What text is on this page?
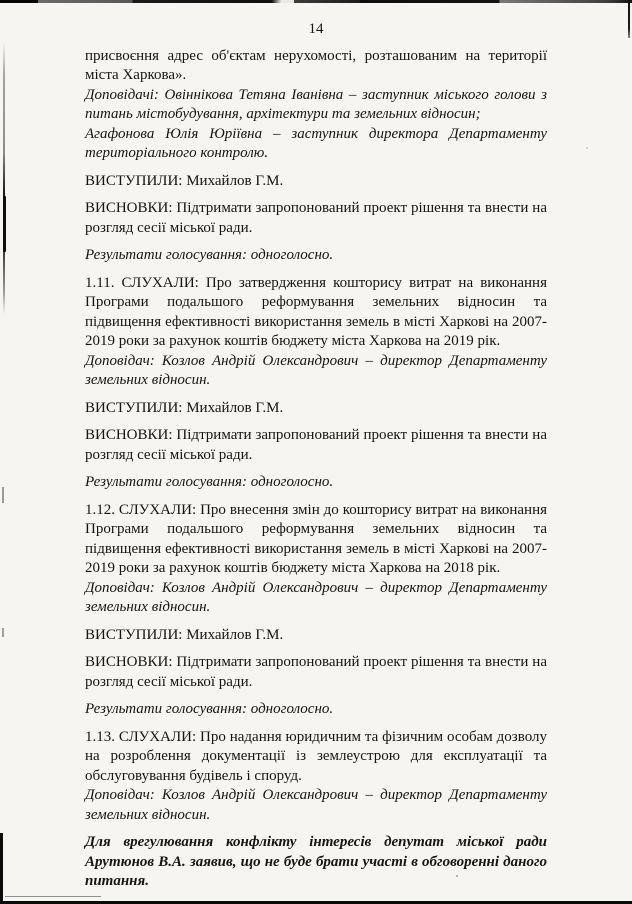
14

присвоєння адрес об'єктам нерухомості, розташованим на території міста Харкова».

Доповідачі: Овіннікова Тетяна Іванівна – заступник міського голови з питань містобудування, архітектури та земельних відносин;

Агафонова Юлія Юріївна – заступник директора Департаменту територіального контролю.

ВИСТУПИЛИ: Михайлов Г.М.

ВИСНОВКИ: Підтримати запропонований проект рішення та внести на розгляд сесії міської ради.

Результати голосування: одноголосно.

1.11. СЛУХАЛИ: Про затвердження кошторису витрат на виконання Програми подальшого реформування земельних відносин та підвищення ефективності використання земель в місті Харкові на 2007-2019 роки за рахунок коштів бюджету міста Харкова на 2019 рік.

Доповідач: Козлов Андрій Олександрович – директор Департаменту земельних відносин.

ВИСТУПИЛИ: Михайлов Г.М.

ВИСНОВКИ: Підтримати запропонований проект рішення та внести на розгляд сесії міської ради.

Результати голосування: одноголосно.

1.12. СЛУХАЛИ: Про внесення змін до кошторису витрат на виконання Програми подальшого реформування земельних відносин та підвищення ефективності використання земель в місті Харкові на 2007-2019 роки за рахунок коштів бюджету міста Харкова на 2018 рік.

Доповідач: Козлов Андрій Олександрович – директор Департаменту земельних відносин.

ВИСТУПИЛИ: Михайлов Г.М.

ВИСНОВКИ: Підтримати запропонований проект рішення та внести на розгляд сесії міської ради.

Результати голосування: одноголосно.

1.13. СЛУХАЛИ: Про надання юридичним та фізичним особам дозволу на розроблення документації із землеустрою для експлуатації та обслуговування будівель і споруд.

Доповідач: Козлов Андрій Олександрович – директор Департаменту земельних відносин.

Для врегулювання конфлікту інтересів депутат міської ради Арутюнов В.А. заявив, що не буде брати участі в обговоренні даного питання.
